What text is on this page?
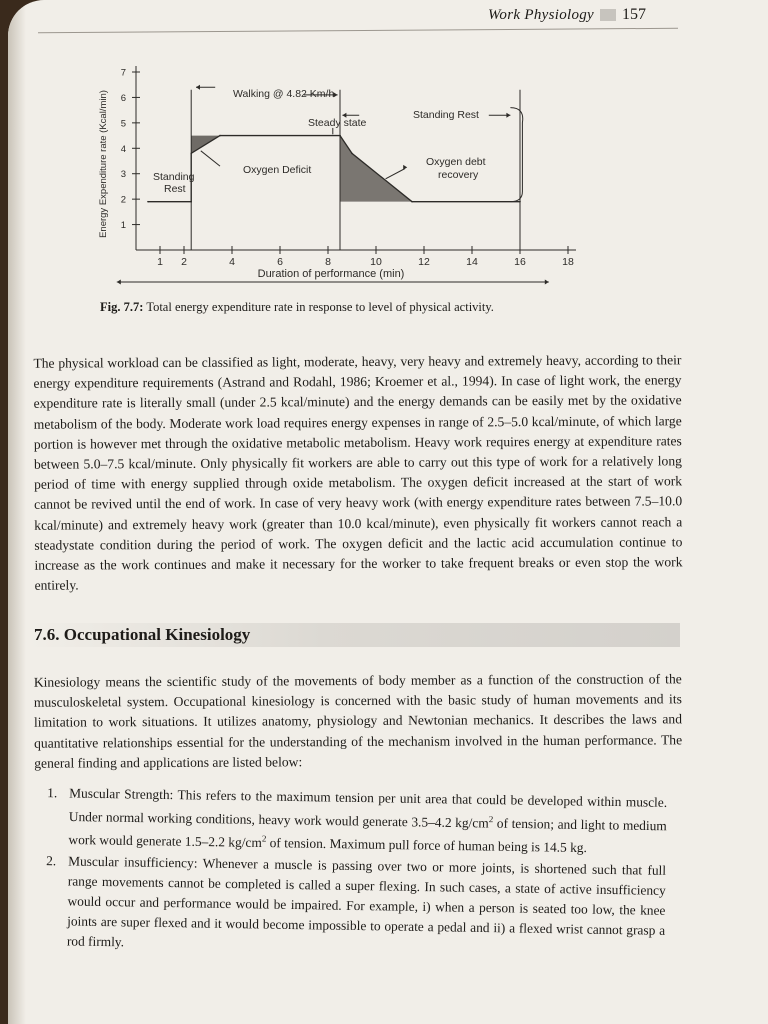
Work Physiology 157
1
2
3
4
5
6
7
1 2	4	6	8	10	12	14	16	18
Energy Expenditure rate (Kcal/min)
Duration of performance (min)
Walking @ 4.82 Km/h
Steady state
Standing Rest
Standing
Rest
Oxygen Deficit
Oxygen debt
recovery
Fig. 7.7: Total energy expenditure rate in response to level of physical activity.

The physical workload can be classified as light, moderate, heavy, very heavy and extremely heavy, according to their energy expenditure requirements (Astrand and Rodahl, 1986; Kroemer et al., 1994). In case of light work, the energy expenditure rate is literally small (under 2.5 kcal/minute) and the energy demands can be easily met by the oxidative metabolism of the body. Moderate work load requires energy expenses in range of 2.5–5.0 kcal/minute, of which large portion is however met through the oxidative metabolic metabolism. Heavy work requires energy at expenditure rates between 5.0–7.5 kcal/minute. Only physically fit workers are able to carry out this type of work for a relatively long period of time with energy supplied through oxide metabolism. The oxygen deficit increased at the start of work cannot be revived until the end of work. In case of very heavy work (with energy expenditure rates between 7.5–10.0 kcal/minute) and extremely heavy work (greater than 10.0 kcal/minute), even physically fit workers cannot reach a steadystate condition during the period of work. The oxygen deficit and the lactic acid accumulation continue to increase as the work continues and make it necessary for the worker to take frequent breaks or even stop the work entirely.

7.6. Occupational Kinesiology

Kinesiology means the scientific study of the movements of body member as a function of the construction of the musculoskeletal system. Occupational kinesiology is concerned with the basic study of human movements and its limitation to work situations. It utilizes anatomy, physiology and Newtonian mechanics. It describes the laws and quantitative relationships essential for the understanding of the mechanism involved in the human performance. The general finding and applications are listed below:

1. Muscular Strength: This refers to the maximum tension per unit area that could be developed within muscle. Under normal working conditions, heavy work would generate 3.5–4.2 $kg/cm^2$ of tension; and light to medium work would generate 1.5–2.2 $kg/cm^2$ of tension. Maximum pull force of human being is 14.5 kg.
2. Muscular insufficiency: Whenever a muscle is passing over two or more joints, is shortened such that full range movements cannot be completed is called a super flexing. In such cases, a state of active insufficiency would occur and performance would be impaired. For example, i) when a person is seated too low, the knee joints are super flexed and it would become impossible to operate a pedal and ii) a flexed wrist cannot grasp a rod firmly.
